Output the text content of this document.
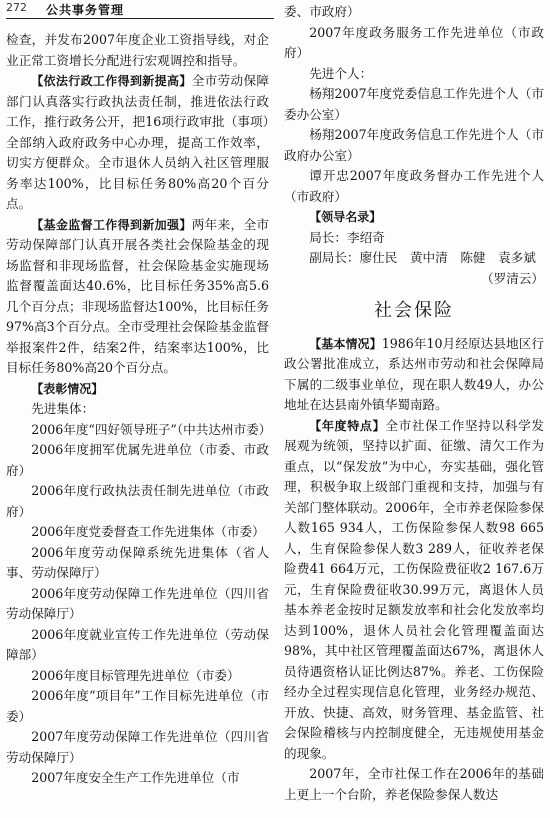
272 公共事务管理

检查，并发布2007年度企业工资指导线，对企业正常工资增长分配进行宏观调控和指导。

【依法行政工作得到新提高】全市劳动保障部门认真落实行政执法责任制，推进依法行政工作，推行政务公开，把16项行政审批（事项）全部纳入政府政务中心办理，提高工作效率，切实方便群众。全市退休人员纳入社区管理服务率达100%，比目标任务80%高20个百分点。

【基金监督工作得到新加强】两年来，全市劳动保障部门认真开展各类社会保险基金的现场监督和非现场监督，社会保险基金实施现场监督覆盖面达40.6%，比目标任务35%高5.6几个百分点；非现场监督达100%，比目标任务97%高3个百分点。全市受理社会保险基金监督举报案件2件，结案2件，结案率达100%，比目标任务80%高20个百分点。

【表彰情况】

先进集体：

2006年度“四好领导班子”（中共达州市委）

2006年度拥军优属先进单位（市委、市政府）

2006年度行政执法责任制先进单位（市政府）

2006年度党委督查工作先进集体（市委）

2006年度劳动保障系统先进集体（省人事、劳动保障厅）

2006年度劳动保障工作先进单位（四川省劳动保障厅）

2006年度就业宣传工作先进单位（劳动保障部）

2006年度目标管理先进单位（市委）

2006年度“项目年”工作目标先进单位（市委）

2007年度劳动保障工作先进单位（四川省劳动保障厅）

2007年度安全生产工作先进单位（市

委、市政府）

2007年度政务服务工作先进单位（市政府）

先进个人：

杨翔2007年度党委信息工作先进个人（市委办公室）

杨翔2007年度政务信息工作先进个人（市政府办公室）

谭开忠2007年度政务督办工作先进个人（市政府）

【领导名录】

局长：李绍奇

副局长：廖仕民　黄中清　陈健　袁多斌

（罗清云）

社会保险

【基本情况】1986年10月经原达县地区行政公署批准成立，系达州市劳动和社会保障局下属的二级事业单位，现在职人数49人，办公地址在达县南外镇华蜀南路。

【年度特点】全市社保工作坚持以科学发展观为统领，坚持以扩面、征缴、清欠工作为重点，以“保发放”为中心，夯实基础，强化管理，积极争取上级部门重视和支持，加强与有关部门整体联动。2006年，全市养老保险参保人数165 934人，工伤保险参保人数98 665人，生育保险参保人数3 289人，征收养老保险费41 664万元，工伤保险费征收2 167.6万元，生育保险费征收30.99万元，离退休人员基本养老金按时足额发放率和社会化发放率均达到100%，退休人员社会化管理覆盖面达98%，其中社区管理覆盖面达67%，离退休人员待遇资格认证比例达87%。养老、工伤保险经办全过程实现信息化管理，业务经办规范、开放、快捷、高效，财务管理、基金监管、社会保险稽核与内控制度健全，无违规使用基金的现象。

2007年，全市社保工作在2006年的基础上更上一个台阶，养老保险参保人数达
